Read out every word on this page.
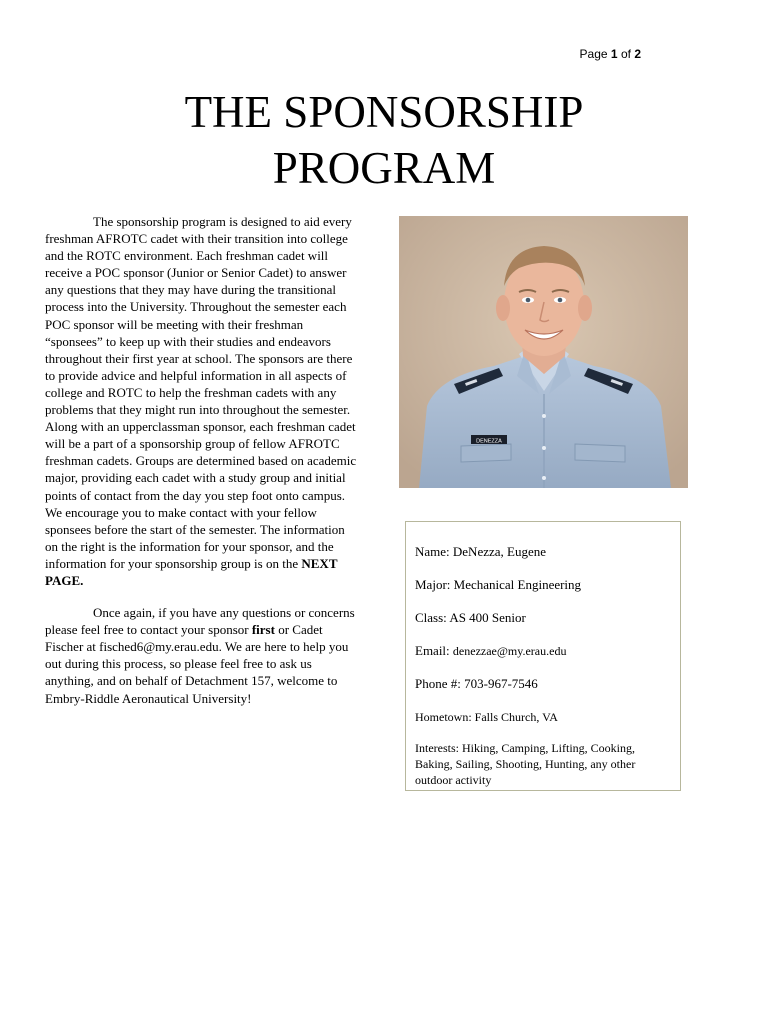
Page 1 of 2
THE SPONSORSHIP
PROGRAM

The sponsorship program is designed to aid every freshman AFROTC cadet with their transition into college and the ROTC environment. Each freshman cadet will receive a POC sponsor (Junior or Senior Cadet) to answer any questions that they may have during the transitional process into the University. Throughout the semester each POC sponsor will be meeting with their freshman “sponsees” to keep up with their studies and endeavors throughout their first year at school. The sponsors are there to provide advice and helpful information in all aspects of college and ROTC to help the freshman cadets with any problems that they might run into throughout the semester. Along with an upperclassman sponsor, each freshman cadet will be a part of a sponsorship group of fellow AFROTC freshman cadets. Groups are determined based on academic major, providing each cadet with a study group and initial points of contact from the day you step foot onto campus. We encourage you to make contact with your fellow sponsees before the start of the semester. The information on the right is the information for your sponsor, and the information for your sponsorship group is on the NEXT PAGE.

Once again, if you have any questions or concerns please feel free to contact your sponsor first or Cadet Fischer at fisched6@my.erau.edu. We are here to help you out during this process, so please feel free to ask us anything, and on behalf of Detachment 157, welcome to Embry-Riddle Aeronautical University!

DENEZZA
Name: DeNezza, Eugene
Major: Mechanical Engineering
Class: AS 400 Senior
Email: denezzae@my.erau.edu
Phone #: 703-967-7546
Hometown: Falls Church, VA
Interests: Hiking, Camping, Lifting, Cooking, Baking, Sailing, Shooting, Hunting, any other outdoor activity
